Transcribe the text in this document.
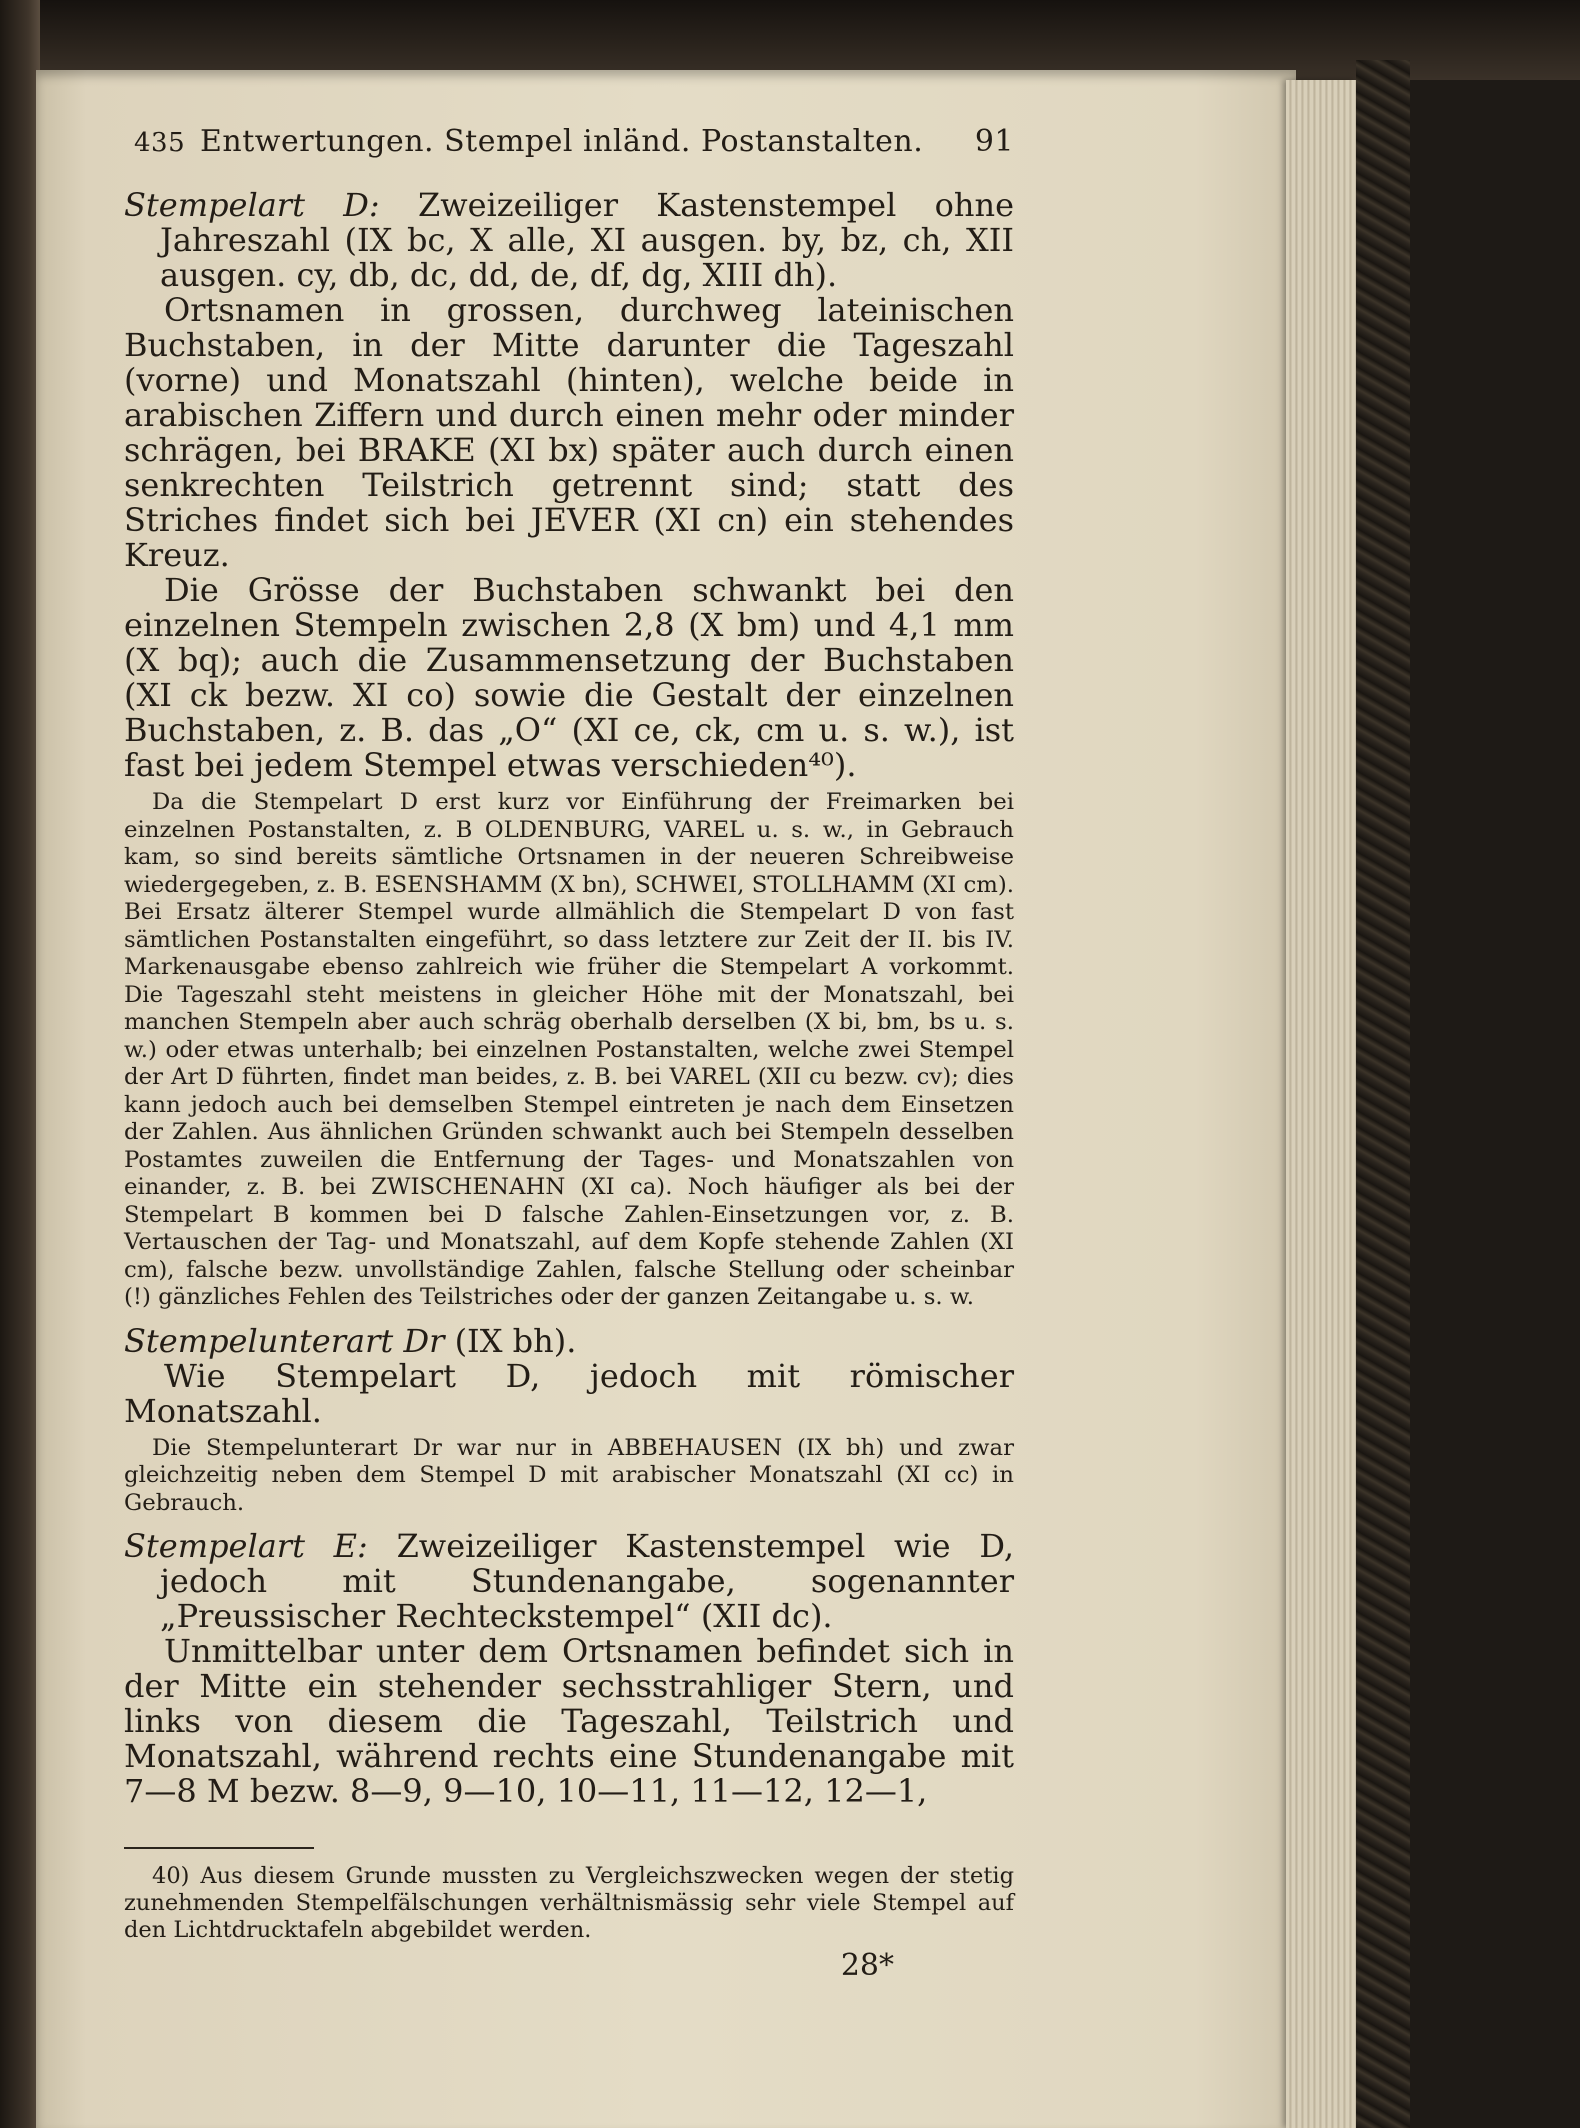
435 Entwertungen. Stempel inländ. Postanstalten. 91

Stempelart D: Zweizeiliger Kastenstempel ohne Jahreszahl (IX bc, X alle, XI ausgen. by, bz, ch, XII ausgen. cy, db, dc, dd, de, df, dg, XIII dh).

Ortsnamen in grossen, durchweg lateinischen Buchstaben, in der Mitte darunter die Tageszahl (vorne) und Monatszahl (hinten), welche beide in arabischen Ziffern und durch einen mehr oder minder schrägen, bei BRAKE (XI bx) später auch durch einen senkrechten Teilstrich getrennt sind; statt des Striches findet sich bei JEVER (XI cn) ein stehendes Kreuz.

Die Grösse der Buchstaben schwankt bei den einzelnen Stempeln zwischen 2,8 (X bm) und 4,1 mm (X bq); auch die Zusammensetzung der Buchstaben (XI ck bezw. XI co) sowie die Gestalt der einzelnen Buchstaben, z. B. das „O“ (XI ce, ck, cm u. s. w.), ist fast bei jedem Stempel etwas verschieden⁴⁰).

Da die Stempelart D erst kurz vor Einführung der Freimarken bei einzelnen Postanstalten, z. B OLDENBURG, VAREL u. s. w., in Gebrauch kam, so sind bereits sämtliche Ortsnamen in der neueren Schreibweise wiedergegeben, z. B. ESENSHAMM (X bn), SCHWEI, STOLLHAMM (XI cm). Bei Ersatz älterer Stempel wurde allmählich die Stempelart D von fast sämtlichen Postanstalten eingeführt, so dass letztere zur Zeit der II. bis IV. Markenausgabe ebenso zahlreich wie früher die Stempelart A vorkommt. Die Tageszahl steht meistens in gleicher Höhe mit der Monatszahl, bei manchen Stempeln aber auch schräg oberhalb derselben (X bi, bm, bs u. s. w.) oder etwas unterhalb; bei einzelnen Postanstalten, welche zwei Stempel der Art D führten, findet man beides, z. B. bei VAREL (XII cu bezw. cv); dies kann jedoch auch bei demselben Stempel eintreten je nach dem Einsetzen der Zahlen. Aus ähnlichen Gründen schwankt auch bei Stempeln desselben Postamtes zuweilen die Entfernung der Tages- und Monatszahlen von einander, z. B. bei ZWISCHENAHN (XI ca). Noch häufiger als bei der Stempelart B kommen bei D falsche Zahlen-Einsetzungen vor, z. B. Vertauschen der Tag- und Monatszahl, auf dem Kopfe stehende Zahlen (XI cm), falsche bezw. unvollständige Zahlen, falsche Stellung oder scheinbar (!) gänzliches Fehlen des Teilstriches oder der ganzen Zeitangabe u. s. w.

Stempelunterart Dr (IX bh).

Wie Stempelart D, jedoch mit römischer Monatszahl.

Die Stempelunterart Dr war nur in ABBEHAUSEN (IX bh) und zwar gleichzeitig neben dem Stempel D mit arabischer Monatszahl (XI cc) in Gebrauch.

Stempelart E: Zweizeiliger Kastenstempel wie D, jedoch mit Stundenangabe, sogenannter „Preussischer Rechteckstempel“ (XII dc).

Unmittelbar unter dem Ortsnamen befindet sich in der Mitte ein stehender sechsstrahliger Stern, und links von diesem die Tageszahl, Teilstrich und Monatszahl, während rechts eine Stundenangabe mit 7—8 M bezw. 8—9, 9—10, 10—11, 11—12, 12—1,

40) Aus diesem Grunde mussten zu Vergleichszwecken wegen der stetig zunehmenden Stempelfälschungen verhältnismässig sehr viele Stempel auf den Lichtdrucktafeln abgebildet werden.

28*
